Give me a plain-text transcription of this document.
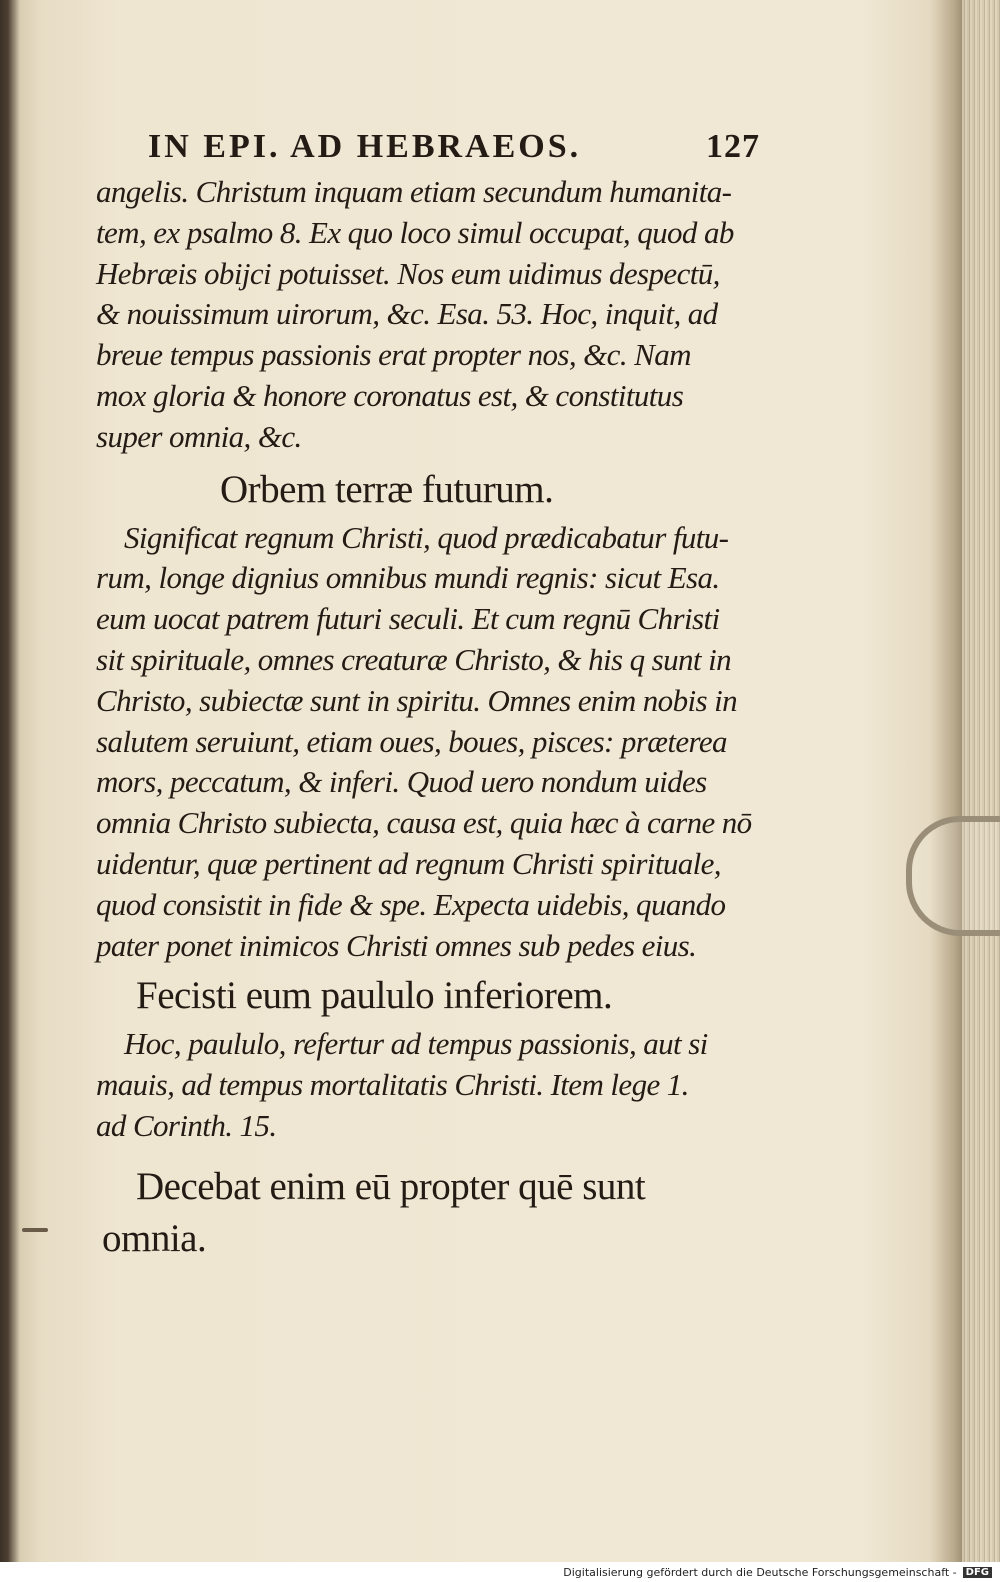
IN EPI. AD HEBRAEOS.	127
angelis. Christum inquam etiam secundum humanita-
tem, ex psalmo 8. Ex quo loco simul occupat, quod ab
Hebræis obijci potuisset. Nos eum uidimus despectū,
& nouissimum uirorum, &c. Esa. 53. Hoc, inquit, ad
breue tempus passionis erat propter nos, &c. Nam
mox gloria & honore coronatus est, & constitutus
super omnia, &c.
Orbem terræ futurum.
Significat regnum Christi, quod prædicabatur futu-
rum, longe dignius omnibus mundi regnis: sicut Esa.
eum uocat patrem futuri seculi. Et cum regnū Christi
sit spirituale, omnes creaturæ Christo, & his q sunt in
Christo, subiectæ sunt in spiritu. Omnes enim nobis in
salutem seruiunt, etiam oues, boues, pisces: præterea
mors, peccatum, & inferi. Quod uero nondum uides
omnia Christo subiecta, causa est, quia hæc à carne nō
uidentur, quæ pertinent ad regnum Christi spirituale,
quod consistit in fide & spe. Expecta uidebis, quando
pater ponet inimicos Christi omnes sub pedes eius.
Fecisti eum paululo inferiorem.
Hoc, paululo, refertur ad tempus passionis, aut si
mauis, ad tempus mortalitatis Christi. Item lege 1.
ad Corinth. 15.
Decebat enim eū propter quē sunt
omnia.
Digitalisierung gefördert durch die Deutsche Forschungsgemeinschaft - DFG
